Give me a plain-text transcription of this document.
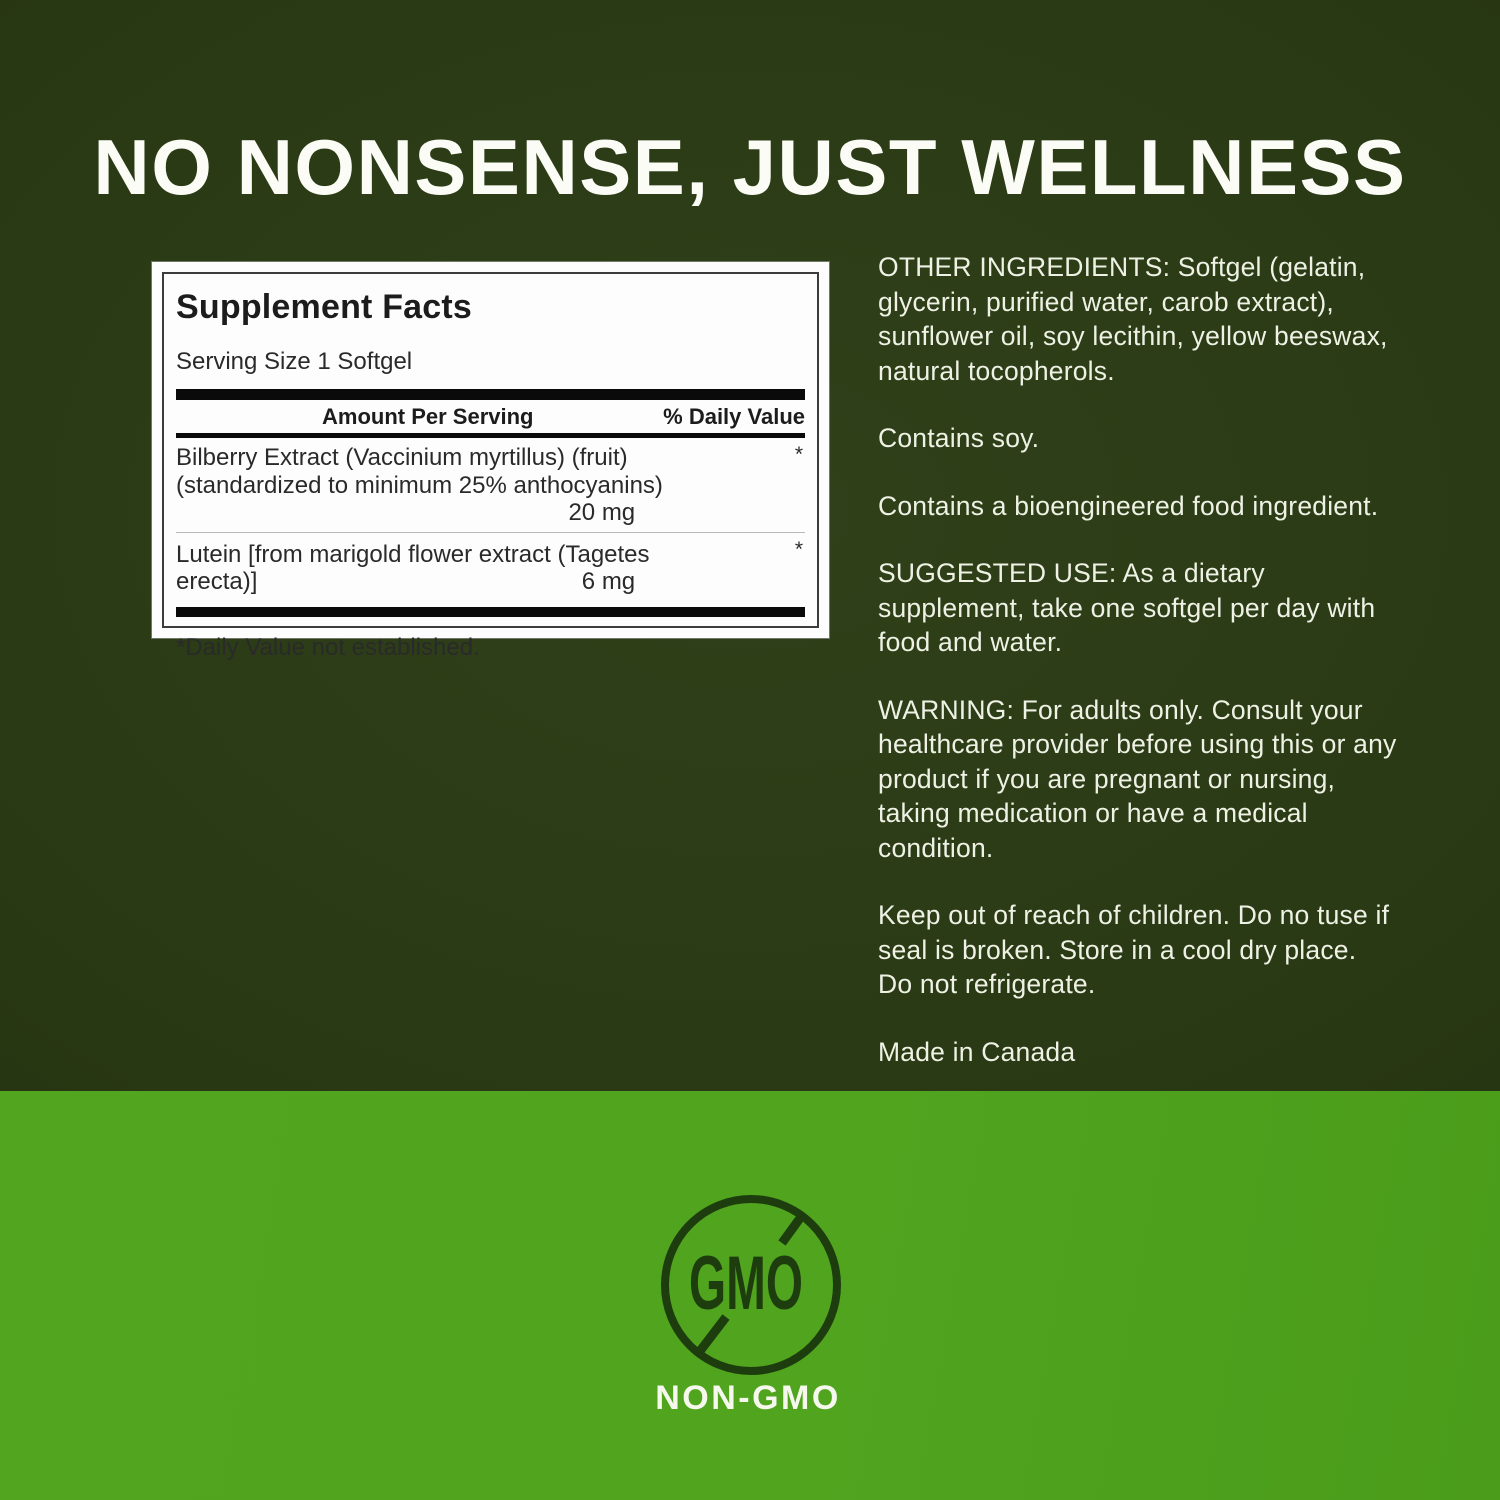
NO NONSENSE, JUST WELLNESS
Supplement Facts
Serving Size 1 Softgel
Amount Per Serving	% Daily Value
Bilberry Extract (Vaccinium myrtillus) (fruit)
(standardized to minimum 25% anthocyanins)
20 mg
*
Lutein [from marigold flower extract (Tagetes
erecta)]	6 mg
*
*Daily Value not established.

OTHER INGREDIENTS: Softgel (gelatin, glycerin, purified water, carob extract), sunflower oil, soy lecithin, yellow beeswax, natural tocopherols.

Contains soy.

Contains a bioengineered food ingredient.

SUGGESTED USE: As a dietary supplement, take one softgel per day with food and water.

WARNING: For adults only. Consult your healthcare provider before using this or any product if you are pregnant or nursing, taking medication or have a medical condition.

Keep out of reach of children. Do no tuse if seal is broken. Store in a cool dry place. Do not refrigerate.

Made in Canada

GMO
NON-GMO
